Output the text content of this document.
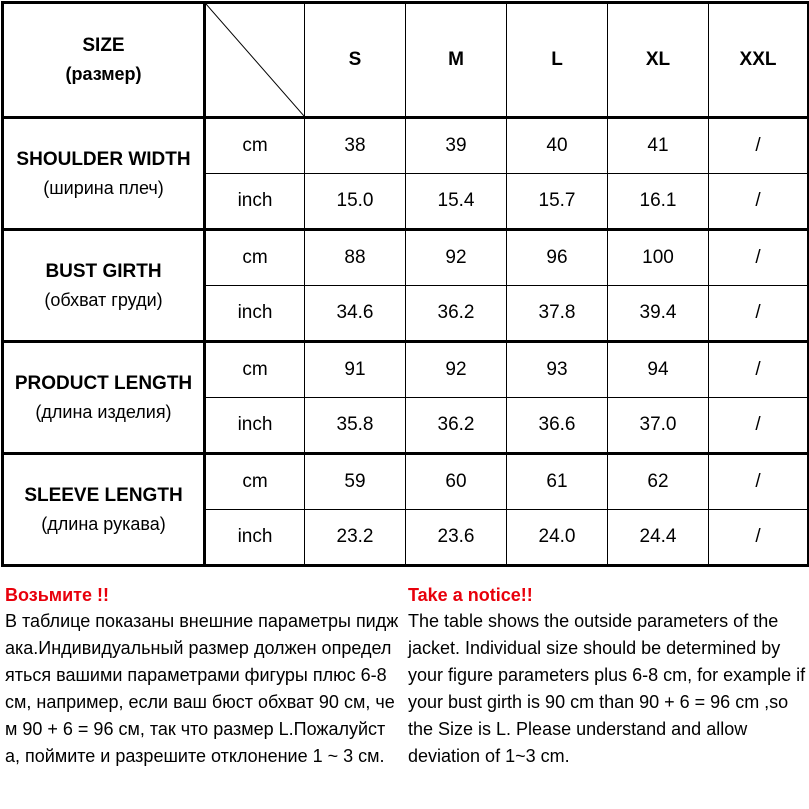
SIZE
(размер)		S	M	L	XL	XXL

SHOULDER WIDTH
(ширина плеч)	cm	38	39	40	41	/
	inch	15.0	15.4	15.7	16.1	/

BUST GIRTH
(обхват груди)	cm	88	92	96	100	/
	inch	34.6	36.2	37.8	39.4	/

PRODUCT LENGTH
(длина изделия)	cm	91	92	93	94	/
	inch	35.8	36.2	36.6	37.0	/

SLEEVE LENGTH
(длина рукава)	cm	59	60	61	62	/
	inch	23.2	23.6	24.0	24.4	/
Возьмите !!
В таблице показаны внешние параметры пиджака.Индивидуальный размер должен определяться вашими параметрами фигуры плюс 6-8 см, например, если ваш бюст обхват 90 см, чем 90 + 6 = 96 см, так что размер L.Пожалуйста, поймите и разрешите отклонение 1 ~ 3 см.
Take a notice!!
The table shows the outside parameters of the jacket. Individual size should be determined by your figure parameters plus 6-8 cm, for example if your bust girth is 90 cm than 90 + 6 = 96 cm ,so the Size is L. Please understand and allow deviation of 1~3 cm.
